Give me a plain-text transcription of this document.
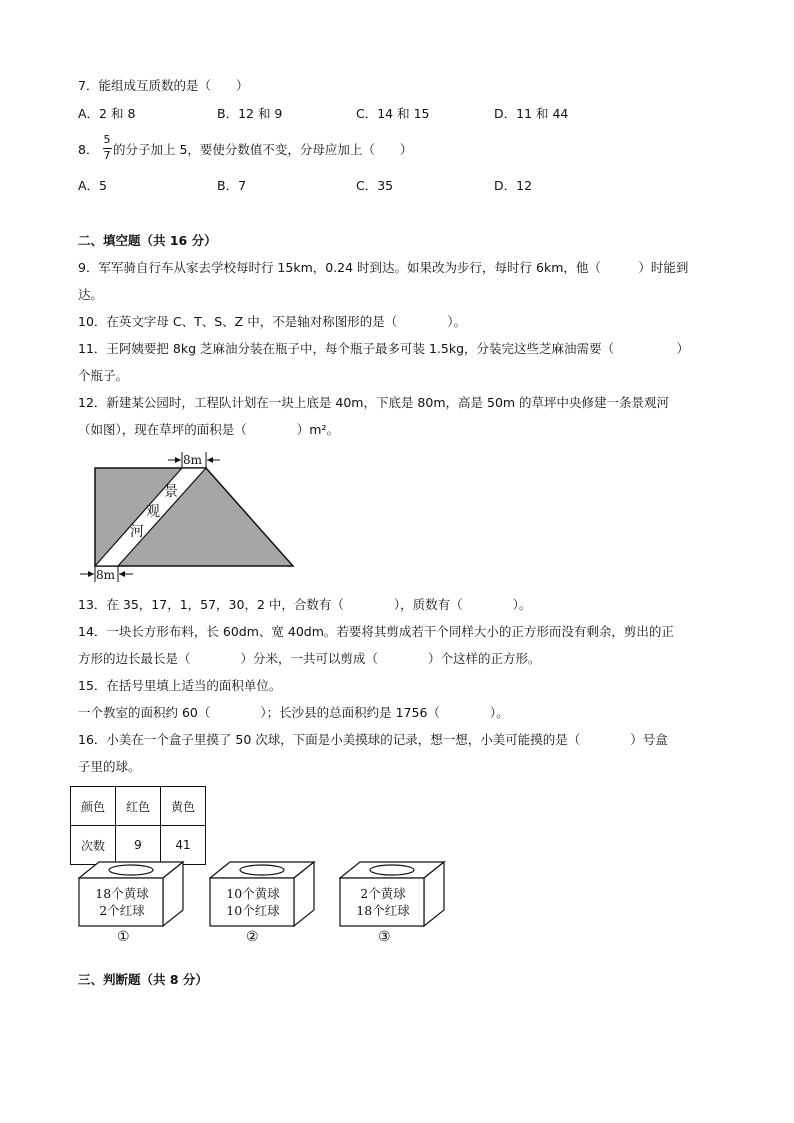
7．能组成互质数的是（　　）
A．2 和 8	B．12 和 9	C．14 和 15	D．11 和 44
8．
5
7 的分子加上 5，要使分数值不变，分母应加上（　　）
A．5	B．7	C．35	D．12
二、填空题（共 16 分）
9．军军骑自行车从家去学校每时行 15km，0.24 时到达。如果改为步行，每时行 6km，他（　　　）时能到
达。
10．在英文字母 C、T、S、Z 中，不是轴对称图形的是（　　　　）。
11．王阿姨要把 8kg 芝麻油分装在瓶子中，每个瓶子最多可装 1.5kg，分装完这些芝麻油需要（　　　　　）
个瓶子。
12．新建某公园时，工程队计划在一块上底是 40m，下底是 80m，高是 50m 的草坪中央修建一条景观河
（如图），现在草坪的面积是（　　　　）m²。
8m
8m
景
观
河
13．在 35，17，1，57，30，2 中，合数有（　　　　），质数有（　　　　）。
14．一块长方形布料，长 60dm、宽 40dm。若要将其剪成若干个同样大小的正方形而没有剩余，剪出的正
方形的边长最长是（　　　　）分米，一共可以剪成（　　　　）个这样的正方形。
15．在括号里填上适当的面积单位。
一个教室的面积约 60（　　　　）；长沙县的总面积约是 1756（　　　　）。
16．小美在一个盒子里摸了 50 次球，下面是小美摸球的记录，想一想，小美可能摸的是（　　　　）号盒
子里的球。
颜色	红色	黄色
次数	9	41
18个黄球
2个红球
①
10个黄球
10个红球
②
2个黄球
18个红球
③
三、判断题（共 8 分）
